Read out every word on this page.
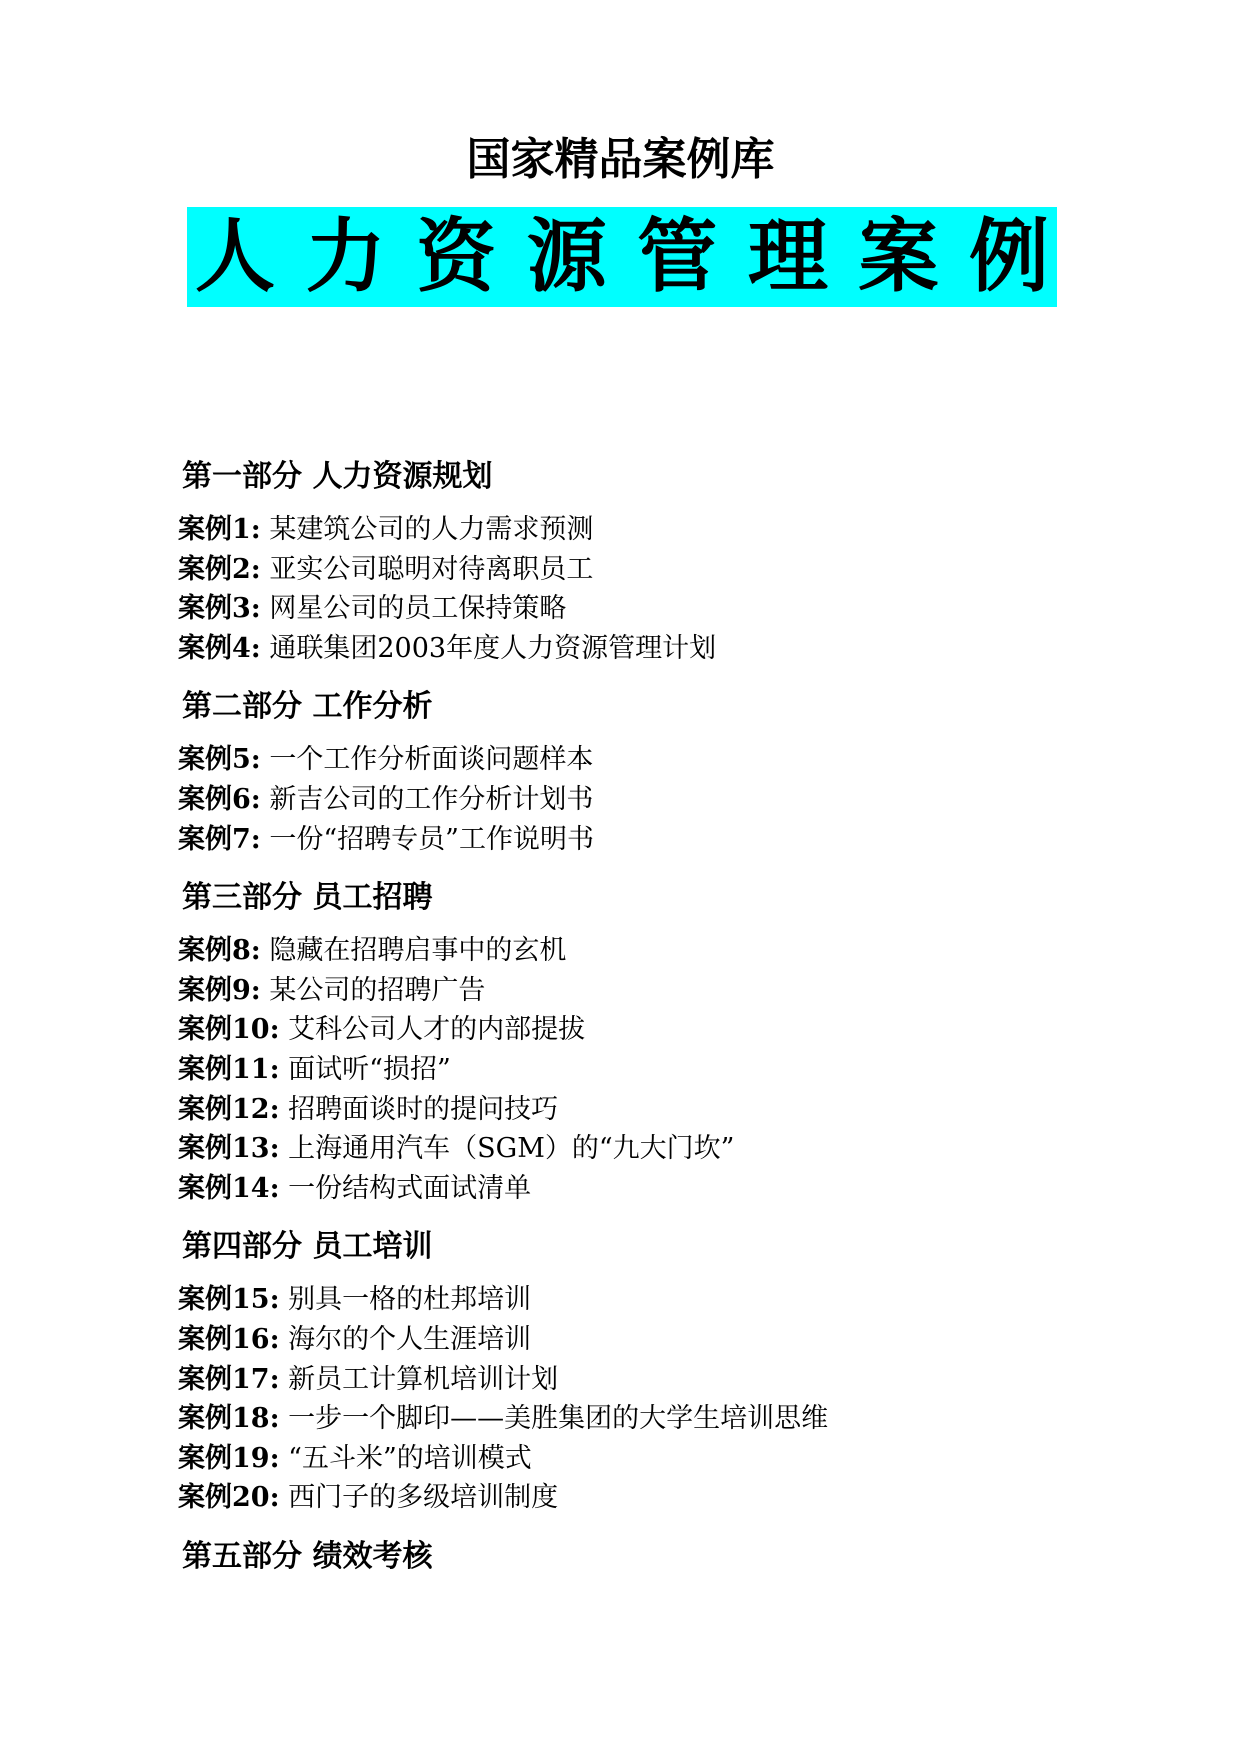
国家精品案例库
人 力 资 源 管 理 案 例
第一部分 人力资源规划
案例1: 某建筑公司的人力需求预测
案例2: 亚实公司聪明对待离职员工
案例3: 网星公司的员工保持策略
案例4: 通联集团2003年度人力资源管理计划
第二部分 工作分析
案例5: 一个工作分析面谈问题样本
案例6: 新吉公司的工作分析计划书
案例7: 一份“招聘专员”工作说明书
第三部分 员工招聘
案例8: 隐藏在招聘启事中的玄机
案例9: 某公司的招聘广告
案例10: 艾科公司人才的内部提拔
案例11: 面试听“损招”
案例12: 招聘面谈时的提问技巧
案例13: 上海通用汽车（SGM）的“九大门坎”
案例14: 一份结构式面试清单
第四部分 员工培训
案例15: 别具一格的杜邦培训
案例16: 海尔的个人生涯培训
案例17: 新员工计算机培训计划
案例18: 一步一个脚印——美胜集团的大学生培训思维
案例19: “五斗米”的培训模式
案例20: 西门子的多级培训制度
第五部分 绩效考核
